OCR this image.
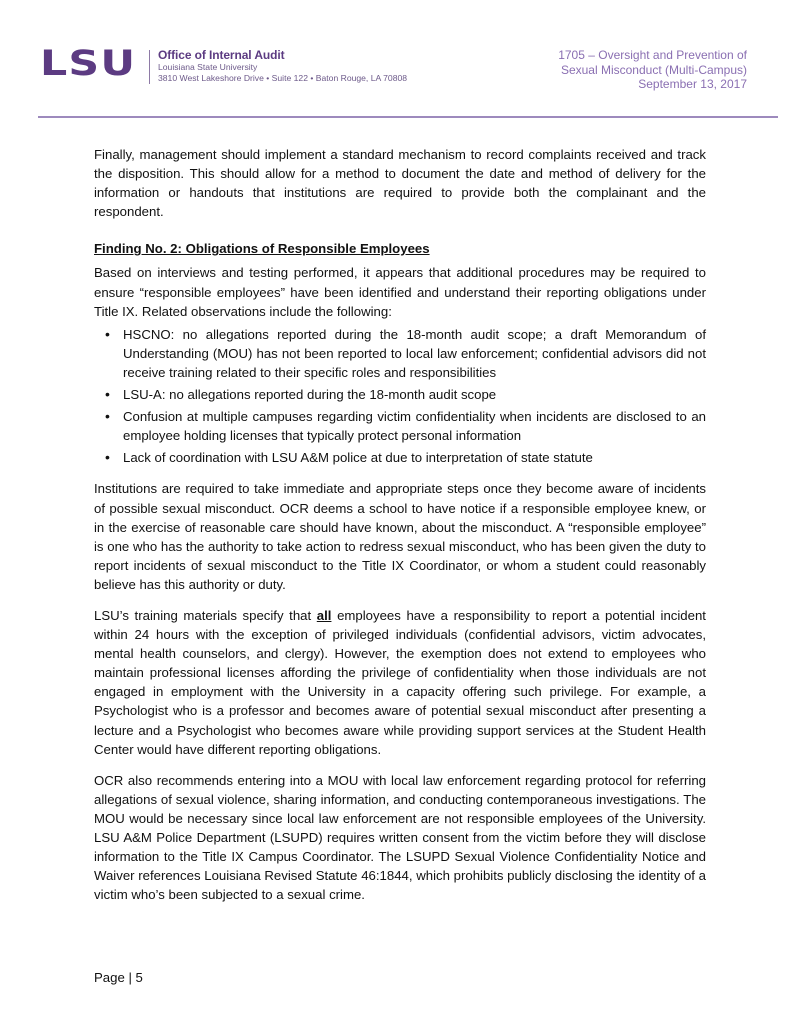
LSU Office of Internal Audit
Louisiana State University
3810 West Lakeshore Drive • Suite 122 • Baton Rouge, LA 70808
1705 – Oversight and Prevention of
Sexual Misconduct (Multi-Campus)
September 13, 2017

Finally, management should implement a standard mechanism to record complaints received and track the disposition. This should allow for a method to document the date and method of delivery for the information or handouts that institutions are required to provide both the complainant and the respondent.

Finding No. 2: Obligations of Responsible Employees

Based on interviews and testing performed, it appears that additional procedures may be required to ensure “responsible employees” have been identified and understand their reporting obligations under Title IX. Related observations include the following:

• HSCNO: no allegations reported during the 18-month audit scope; a draft Memorandum of Understanding (MOU) has not been reported to local law enforcement; confidential advisors did not receive training related to their specific roles and responsibilities
• LSU-A: no allegations reported during the 18-month audit scope
• Confusion at multiple campuses regarding victim confidentiality when incidents are disclosed to an employee holding licenses that typically protect personal information
• Lack of coordination with LSU A&M police at due to interpretation of state statute

Institutions are required to take immediate and appropriate steps once they become aware of incidents of possible sexual misconduct. OCR deems a school to have notice if a responsible employee knew, or in the exercise of reasonable care should have known, about the misconduct. A “responsible employee” is one who has the authority to take action to redress sexual misconduct, who has been given the duty to report incidents of sexual misconduct to the Title IX Coordinator, or whom a student could reasonably believe has this authority or duty.

LSU’s training materials specify that all employees have a responsibility to report a potential incident within 24 hours with the exception of privileged individuals (confidential advisors, victim advocates, mental health counselors, and clergy). However, the exemption does not extend to employees who maintain professional licenses affording the privilege of confidentiality when those individuals are not engaged in employment with the University in a capacity offering such privilege. For example, a Psychologist who is a professor and becomes aware of potential sexual misconduct after presenting a lecture and a Psychologist who becomes aware while providing support services at the Student Health Center would have different reporting obligations.

OCR also recommends entering into a MOU with local law enforcement regarding protocol for referring allegations of sexual violence, sharing information, and conducting contemporaneous investigations. The MOU would be necessary since local law enforcement are not responsible employees of the University. LSU A&M Police Department (LSUPD) requires written consent from the victim before they will disclose information to the Title IX Campus Coordinator. The LSUPD Sexual Violence Confidentiality Notice and Waiver references Louisiana Revised Statute 46:1844, which prohibits publicly disclosing the identity of a victim who’s been subjected to a sexual crime.

Page | 5
